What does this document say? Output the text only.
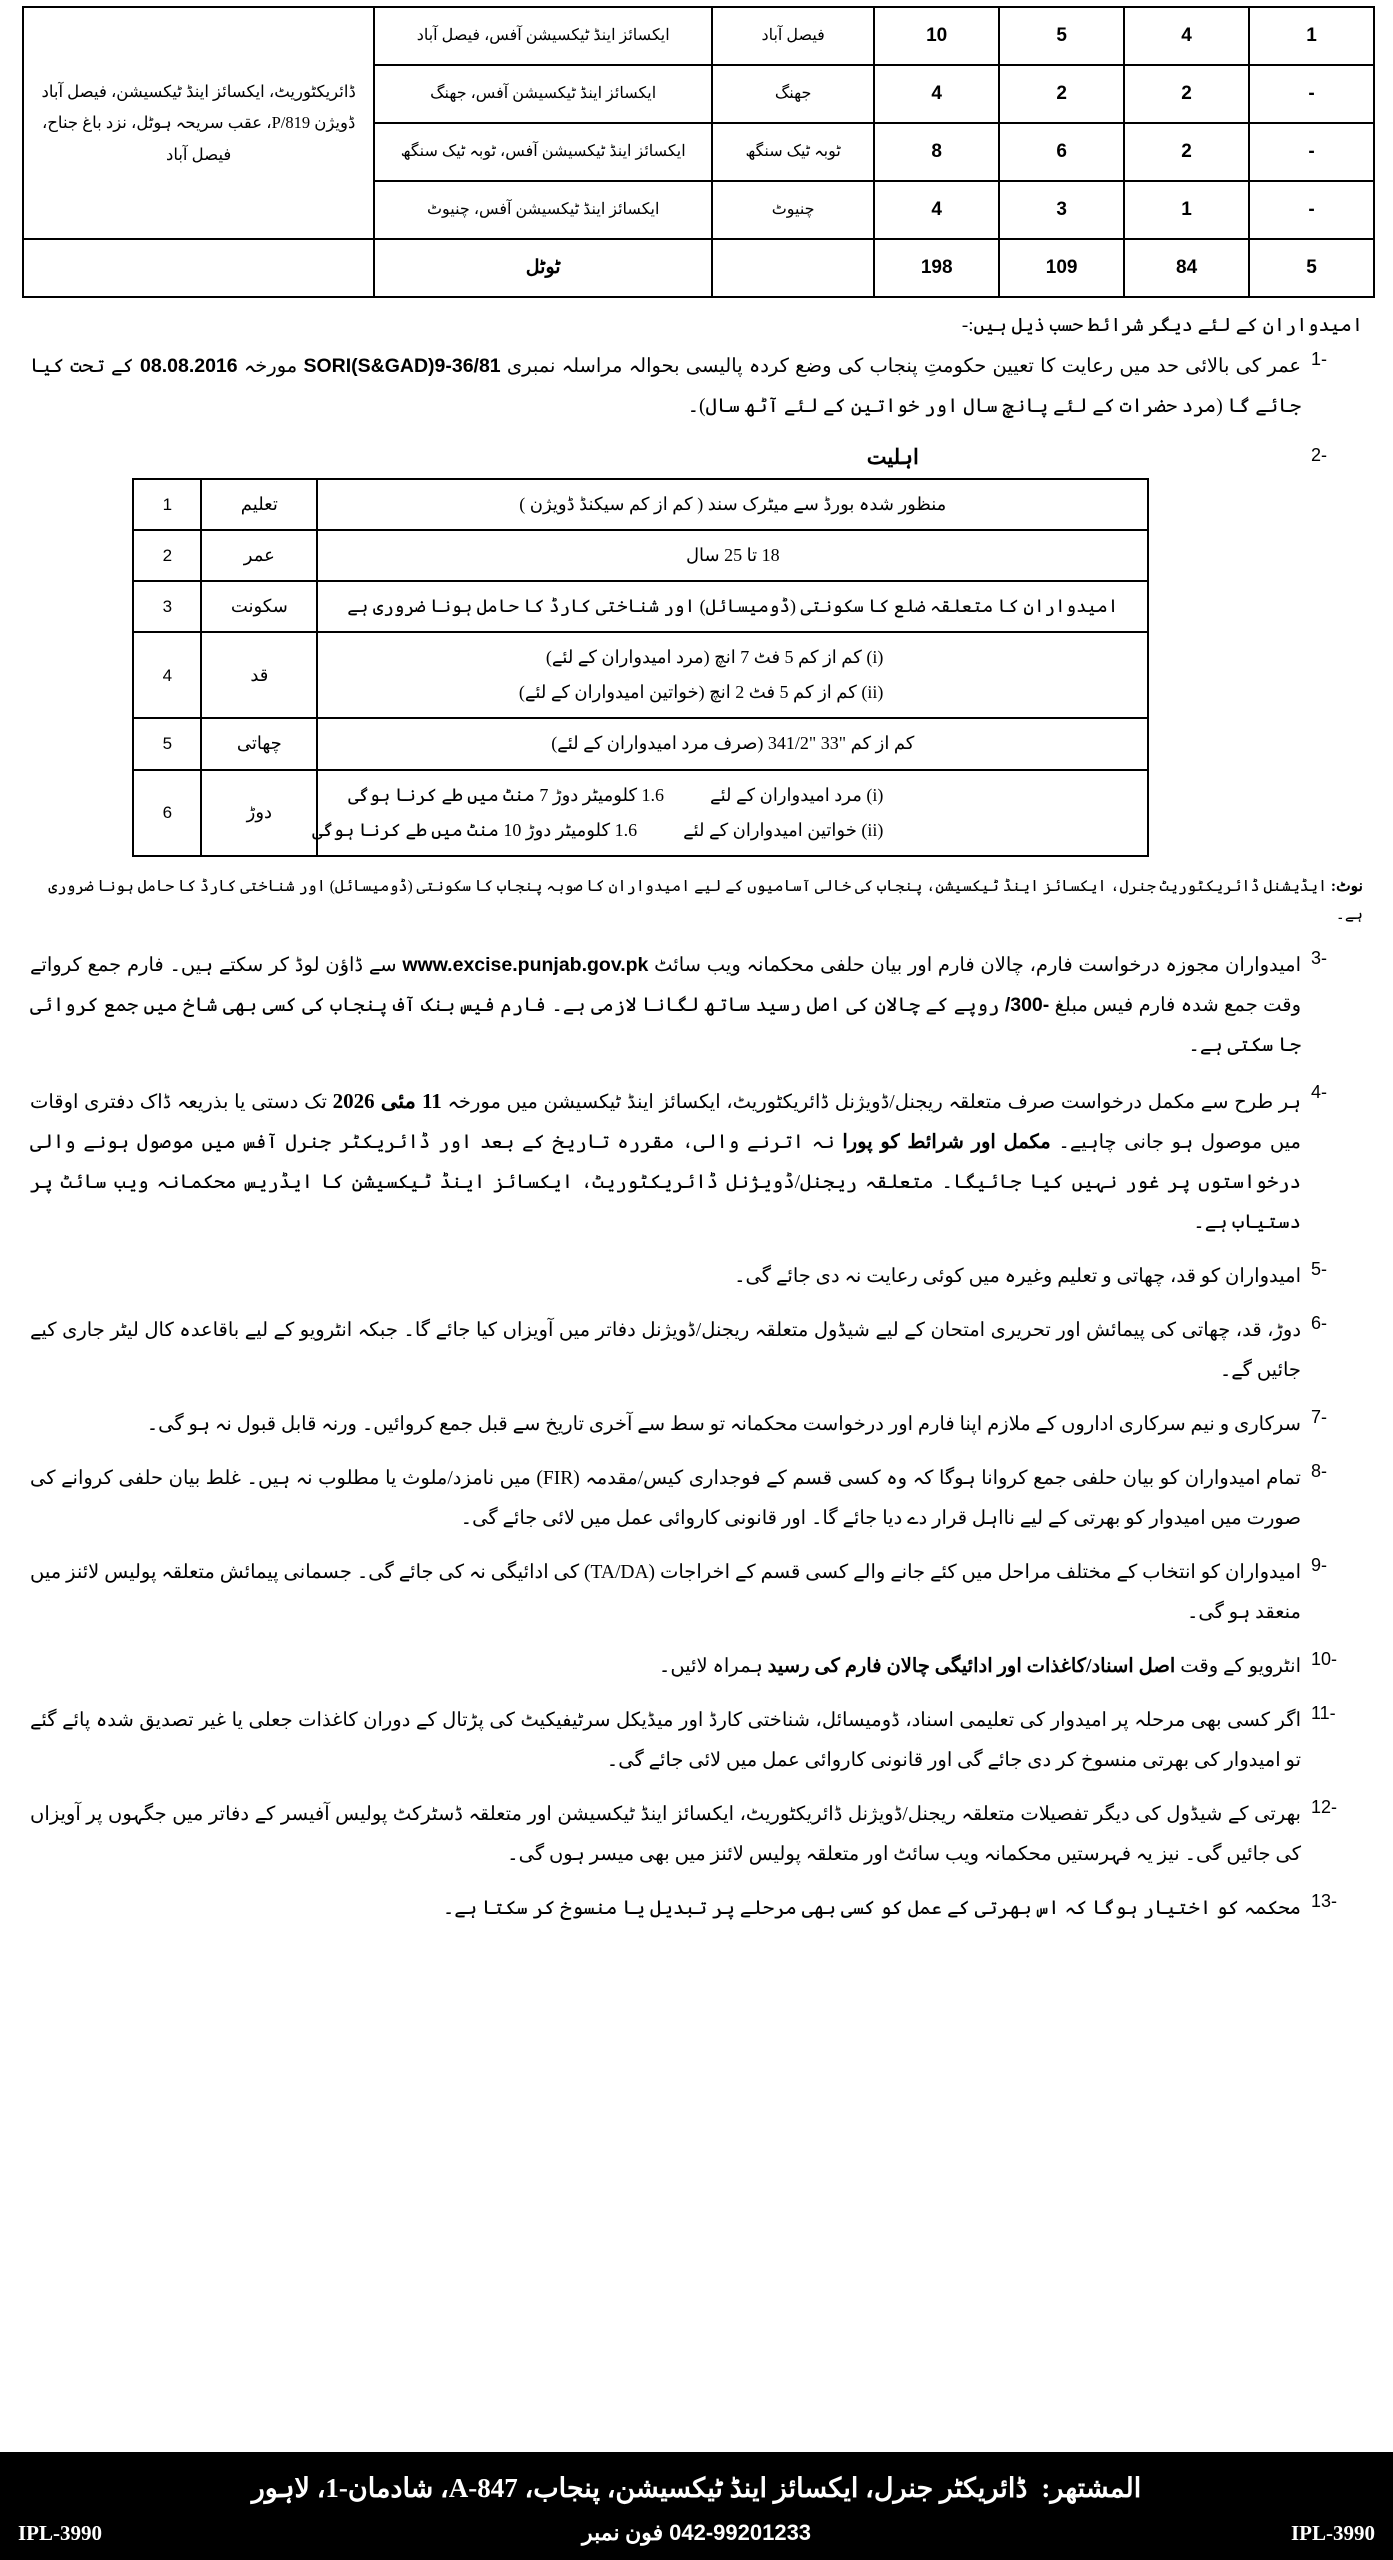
1	4	5	10	فیصل آباد	ایکسائز اینڈ ٹیکسیشن آفس، فیصل آباد	ڈائریکٹوریٹ، ایکسائز اینڈ ٹیکسیشن، فیصل آباد ڈویژن P/819، عقب سریحہ ہوٹل، نزد باغ جناح، فیصل آباد
-	2	2	4	جھنگ	ایکسائز اینڈ ٹیکسیشن آفس، جھنگ	
-	2	6	8	ٹوبہ ٹیک سنگھ	ایکسائز اینڈ ٹیکسیشن آفس، ٹوبہ ٹیک سنگھ	
-	1	3	4	چنیوٹ	ایکسائز اینڈ ٹیکسیشن آفس، چنیوٹ	
5	84	109	198		ٹوٹل	
امیدواران کے لئے دیگر شرائط حسب ذیل ہیں:-
1-
عمر کی بالائی حد میں رعایت کا تعیین حکومتِ پنجاب کی وضع کردہ پالیسی بحوالہ مراسلہ نمبری SORI(S&GAD)9-36/81 مورخہ 08.08.2016 کے تحت کیا جائے گا (مرد حضرات کے لئے پانچ سال اور خواتین کے لئے آٹھ سال)۔
2-
اہلیت
منظور شدہ بورڈ سے میٹرک سند ( کم از کم سیکنڈ ڈویژن )	تعلیم	1
18 تا 25 سال	عمر	2
امیدواران کا متعلقہ ضلع کا سکونتی (ڈومیسائل) اور شناختی کارڈ کا حامل ہونا ضروری ہے	سکونت	3

(i) کم از کم 5 فٹ 7 انچ (مرد امیدواران کے لئے)
(ii) کم از کم 5 فٹ 2 انچ (خواتین امیدواران کے لئے)	قد	4
کم از کم "33 "341/2 (صرف مرد امیدواران کے لئے)	چھاتی	5

(i) مرد امیدواران کے لئے1.6 کلومیٹر دوڑ 7 منٹ میں طے کرنا ہوگی
(ii) خواتین امیدواران کے لئے1.6 کلومیٹر دوڑ 10 منٹ میں طے کرنا ہوگی	دوڑ	6
نوٹ: ایڈیشنل ڈائریکٹوریٹ جنرل، ایکسائز اینڈ ٹیکسیشن، پنجاب کی خالی آسامیوں کے لیے امیدواران کا صوبہ پنجاب کا سکونتی (ڈومیسائل) اور شناختی کارڈ کا حامل ہونا ضروری ہے۔
3-
امیدواران مجوزہ درخواست فارم، چالان فارم اور بیان حلفی محکمانہ ویب سائٹ www.excise.punjab.gov.pk سے ڈاؤن لوڈ کر سکتے ہیں۔ فارم جمع کرواتے وقت جمع شدہ فارم فیس مبلغ /300- روپے کے چالان کی اصل رسید ساتھ لگانا لازمی ہے۔ فارم فیس بنک آف پنجاب کی کسی بھی شاخ میں جمع کروائی جا سکتی ہے۔
4-
ہر طرح سے مکمل درخواست صرف متعلقہ ریجنل/ڈویژنل ڈائریکٹوریٹ، ایکسائز اینڈ ٹیکسیشن میں مورخہ 11 مئی 2026 تک دستی یا بذریعہ ڈاک دفتری اوقات میں موصول ہو جانی چاہیے۔ مکمل اور شرائط کو پورا نہ اترنے والی، مقررہ تاریخ کے بعد اور ڈائریکٹر جنرل آفس میں موصول ہونے والی درخواستوں پر غور نہیں کیا جائیگا۔ متعلقہ ریجنل/ڈویژنل ڈائریکٹوریٹ، ایکسائز اینڈ ٹیکسیشن کا ایڈریس محکمانہ ویب سائٹ پر دستیاب ہے۔
5-
امیدواران کو قد، چھاتی و تعلیم وغیرہ میں کوئی رعایت نہ دی جائے گی۔
6-
دوڑ، قد، چھاتی کی پیمائش اور تحریری امتحان کے لیے شیڈول متعلقہ ریجنل/ڈویژنل دفاتر میں آویزاں کیا جائے گا۔ جبکہ انٹرویو کے لیے باقاعدہ کال لیٹر جاری کیے جائیں گے۔
7-
سرکاری و نیم سرکاری اداروں کے ملازم اپنا فارم اور درخواست محکمانہ تو سط سے آخری تاریخ سے قبل جمع کروائیں۔ ورنہ قابل قبول نہ ہو گی۔
8-
تمام امیدواران کو بیان حلفی جمع کروانا ہوگا کہ وہ کسی قسم کے فوجداری کیس/مقدمہ (FIR) میں نامزد/ملوث یا مطلوب نہ ہیں۔ غلط بیان حلفی کروانے کی صورت میں امیدوار کو بھرتی کے لیے نااہل قرار دے دیا جائے گا۔ اور قانونی کاروائی عمل میں لائی جائے گی۔
9-
امیدواران کو انتخاب کے مختلف مراحل میں کئے جانے والے کسی قسم کے اخراجات (TA/DA) کی ادائیگی نہ کی جائے گی۔ جسمانی پیمائش متعلقہ پولیس لائنز میں منعقد ہو گی۔
10-
انٹرویو کے وقت اصل اسناد/کاغذات اور ادائیگی چالان فارم کی رسید ہمراہ لائیں۔
11-
اگر کسی بھی مرحلہ پر امیدوار کی تعلیمی اسناد، ڈومیسائل، شناختی کارڈ اور میڈیکل سرٹیفیکیٹ کی پڑتال کے دوران کاغذات جعلی یا غیر تصدیق شدہ پائے گئے تو امیدوار کی بھرتی منسوخ کر دی جائے گی اور قانونی کاروائی عمل میں لائی جائے گی۔
12-
بھرتی کے شیڈول کی دیگر تفصیلات متعلقہ ریجنل/ڈویژنل ڈائریکٹوریٹ، ایکسائز اینڈ ٹیکسیشن اور متعلقہ ڈسٹرکٹ پولیس آفیسر کے دفاتر میں جگہوں پر آویزاں کی جائیں گی۔ نیز یہ فہرستیں محکمانہ ویب سائٹ اور متعلقہ پولیس لائنز میں بھی میسر ہوں گی۔
13-
محکمہ کو اختیار ہوگا کہ اس بھرتی کے عمل کو کسی بھی مرحلے پر تبدیل یا منسوخ کر سکتا ہے۔
المشتهر:ڈائریکٹر جنرل، ایکسائز اینڈ ٹیکسیشن، پنجاب، 847-A، شادمان-1، لاہور
IPL-3990
042-99201233فون نمبر
IPL-3990
